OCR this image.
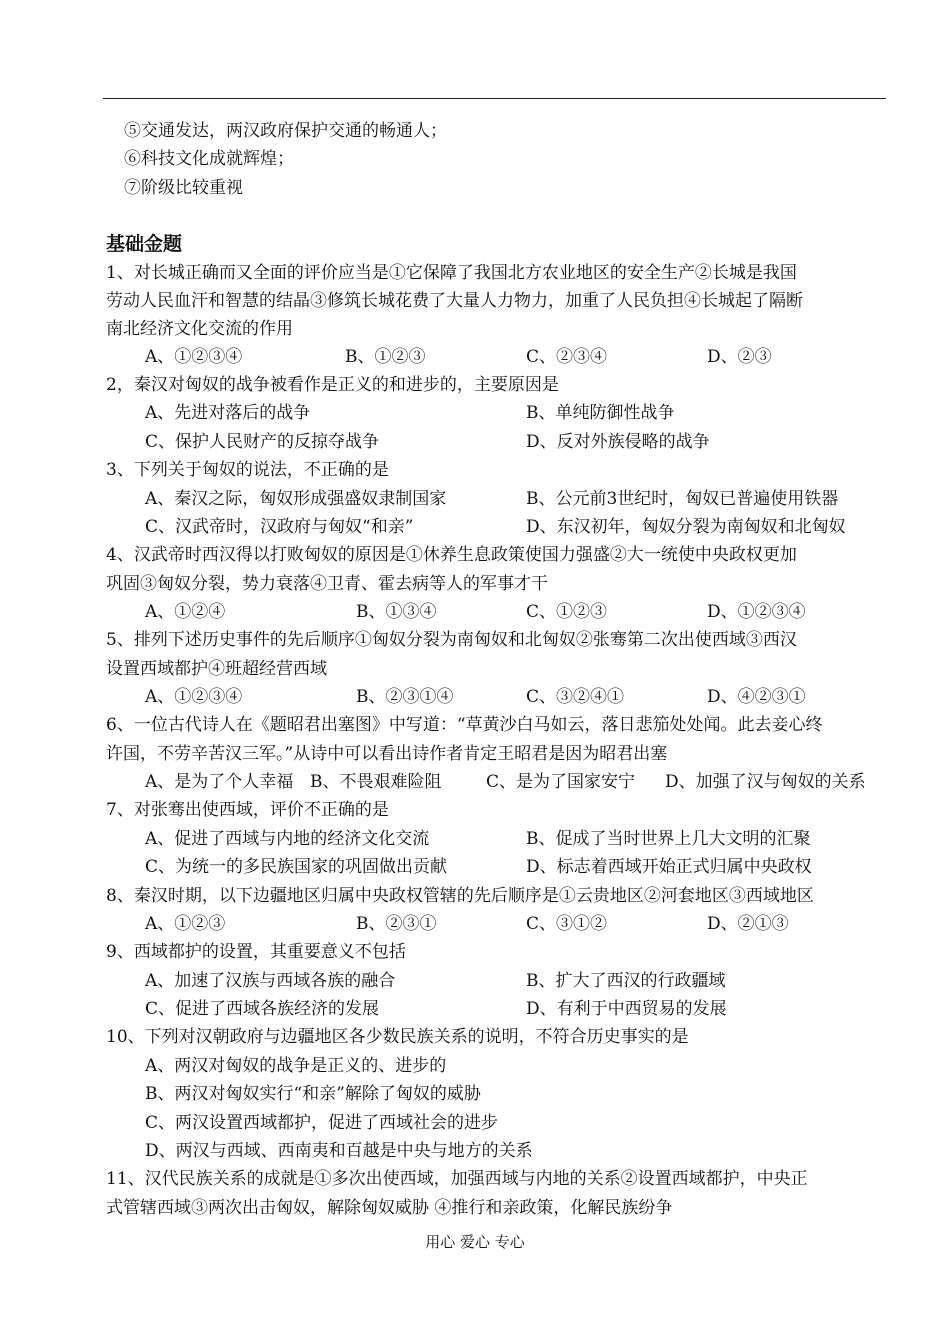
⑤交通发达，两汉政府保护交通的畅通人；
⑥科技文化成就辉煌；
⑦阶级比较重视
基础金题
1、对长城正确而又全面的评价应当是①它保障了我国北方农业地区的安全生产②长城是我国
劳动人民血汗和智慧的结晶③修筑长城花费了大量人力物力，加重了人民负担④长城起了隔断
南北经济文化交流的作用
A、①②③④	B、①②③	C、②③④	D、②③
2，秦汉对匈奴的战争被看作是正义的和进步的，主要原因是
A、先进对落后的战争	B、单纯防御性战争
C、保护人民财产的反掠夺战争	D、反对外族侵略的战争
3、下列关于匈奴的说法，不正确的是
A、秦汉之际，匈奴形成强盛奴隶制国家	B、公元前3世纪时，匈奴已普遍使用铁器
C、汉武帝时，汉政府与匈奴“和亲”	D、东汉初年，匈奴分裂为南匈奴和北匈奴
4、汉武帝时西汉得以打败匈奴的原因是①休养生息政策使国力强盛②大一统使中央政权更加
巩固③匈奴分裂，势力衰落④卫青、霍去病等人的军事才干
A、①②④	B、①③④	C、①②③	D、①②③④
5、排列下述历史事件的先后顺序①匈奴分裂为南匈奴和北匈奴②张骞第二次出使西域③西汉
设置西域都护④班超经营西域
A、①②③④	B、②③①④	C、③②④①	D、④②③①
6、一位古代诗人在《题昭君出塞图》中写道：“草黄沙白马如云，落日悲笳处处闻。此去妾心终
许国，不劳辛苦汉三军。”从诗中可以看出诗作者肯定王昭君是因为昭君出塞
A、是为了个人幸福 B、不畏艰难险阻	C、是为了国家安宁 D、加强了汉与匈奴的关系
7、对张骞出使西域，评价不正确的是
A、促进了西域与内地的经济文化交流	B、促成了当时世界上几大文明的汇聚
C、为统一的多民族国家的巩固做出贡献	D、标志着西域开始正式归属中央政权
8、秦汉时期，以下边疆地区归属中央政权管辖的先后顺序是①云贵地区②河套地区③西域地区
A、①②③	B、②③①	C、③①②	D、②①③
9、西域都护的设置，其重要意义不包括
A、加速了汉族与西域各族的融合	B、扩大了西汉的行政疆域
C、促进了西域各族经济的发展	D、有利于中西贸易的发展
10、下列对汉朝政府与边疆地区各少数民族关系的说明，不符合历史事实的是
A、两汉对匈奴的战争是正义的、进步的
B、两汉对匈奴实行“和亲”解除了匈奴的威胁
C、两汉设置西域都护，促进了西域社会的进步
D、两汉与西域、西南夷和百越是中央与地方的关系
11、汉代民族关系的成就是①多次出使西域，加强西域与内地的关系②设置西域都护，中央正
式管辖西域③两次出击匈奴，解除匈奴威胁 ④推行和亲政策，化解民族纷争
用心 爱心 专心
